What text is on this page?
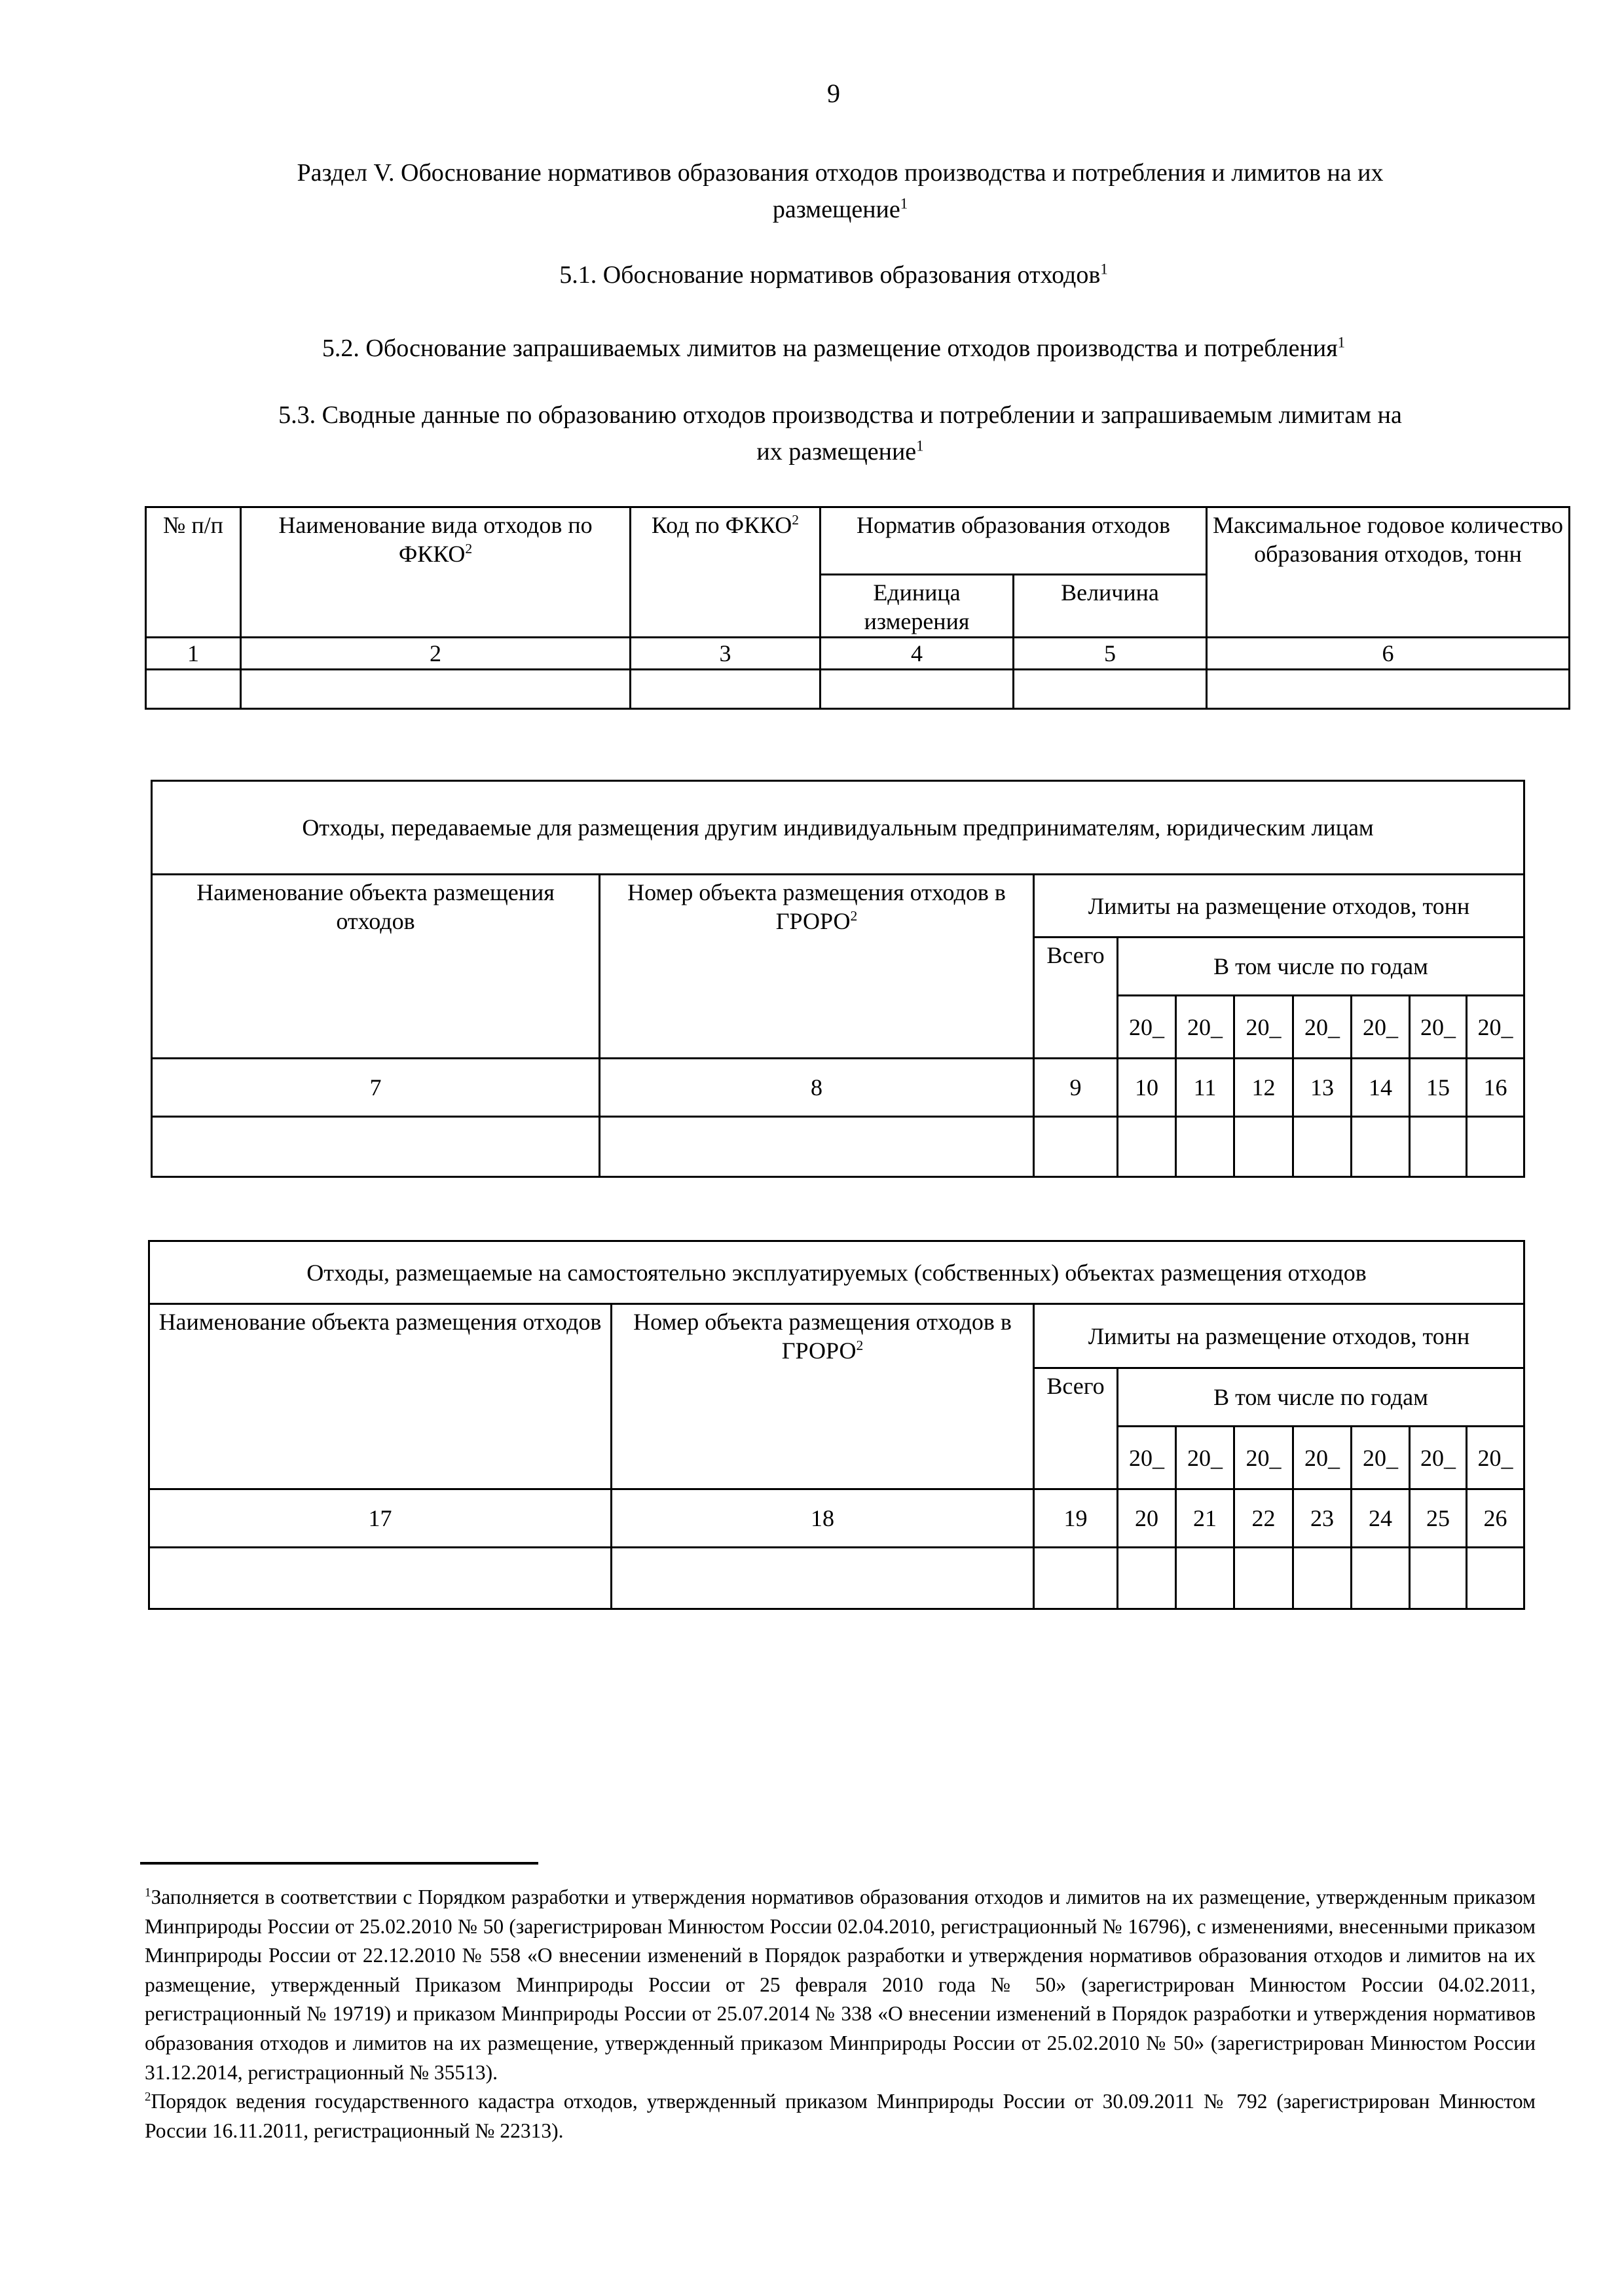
9
Раздел V. Обоснование нормативов образования отходов производства и потребления и лимитов на их
размещение$^1$
5.1. Обоснование нормативов образования отходов$^1$
5.2. Обоснование запрашиваемых лимитов на размещение отходов производства и потребления$^1$
5.3. Сводные данные по образованию отходов производства и потреблении и запрашиваемым лимитам на
их размещение$^1$
№ п/п	Наименование вида отходов по ФККО$^2$	Код по ФККО$^2$	Норматив образования отходов		Максимальное годовое количество образования отходов, тонн
			Единица измерения	Величина	
1	2	3	4	5	6

Отходы, передаваемые для размещения другим индивидуальным предпринимателям, юридическим лицам									
Наименование объекта размещения отходов	Номер объекта размещения отходов в ГРОРО$^2$	Лимиты на размещение отходов, тонн							
		Всего	В том числе по годам						
			20_	20_	20_	20_	20_	20_	20_
7	8	9	10	11	12	13	14	15	16

Отходы, размещаемые на самостоятельно эксплуатируемых (собственных) объектах размещения отходов									
Наименование объекта размещения отходов	Номер объекта размещения отходов в ГРОРО$^2$	Лимиты на размещение отходов, тонн							
		Всего	В том числе по годам						
			20_	20_	20_	20_	20_	20_	20_
17	18	19	20	21	22	23	24	25	26

$^1$Заполняется в соответствии с Порядком разработки и утверждения нормативов образования отходов и лимитов на их размещение, утвержденным приказом Минприроды России от 25.02.2010 № 50 (зарегистрирован Минюстом России 02.04.2010, регистрационный № 16796), с изменениями, внесенными приказом Минприроды России от 22.12.2010 № 558 «О внесении изменений в Порядок разработки и утверждения нормативов образования отходов и лимитов на их размещение, утвержденный Приказом Минприроды России от 25 февраля 2010 года № 50» (зарегистрирован Минюстом России 04.02.2011, регистрационный № 19719) и приказом Минприроды России от 25.07.2014 № 338 «О внесении изменений в Порядок разработки и утверждения нормативов образования отходов и лимитов на их размещение, утвержденный приказом Минприроды России от 25.02.2010 № 50» (зарегистрирован Минюстом России 31.12.2014, регистрационный № 35513).
$^2$Порядок ведения государственного кадастра отходов, утвержденный приказом Минприроды России от 30.09.2011 № 792 (зарегистрирован Минюстом России 16.11.2011, регистрационный № 22313).
